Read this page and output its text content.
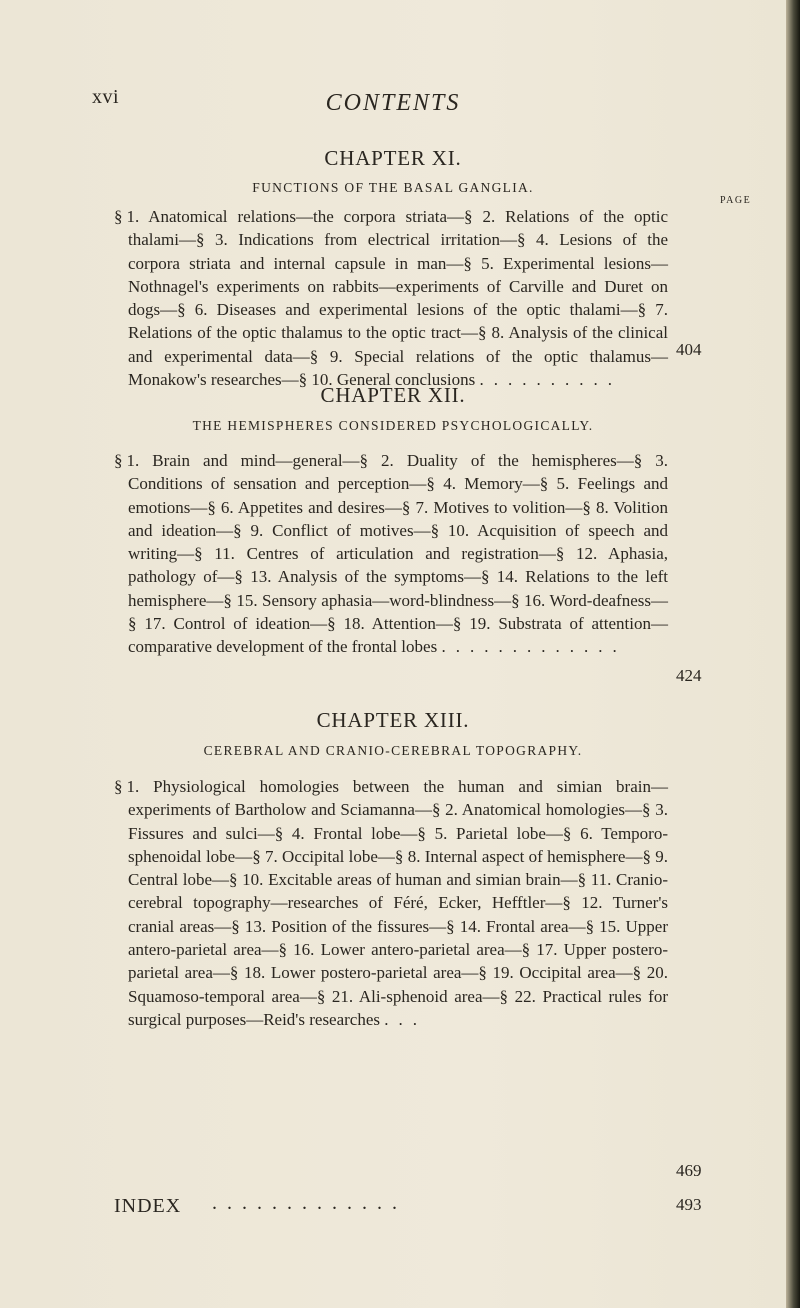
xvi	CONTENTS
CHAPTER XI.
FUNCTIONS OF THE BASAL GANGLIA.
PAGE

§ 1. Anatomical relations—the corpora striata—§ 2. Relations of the optic thalami—§ 3. Indications from electrical irritation—§ 4. Lesions of the corpora striata and internal capsule in man—§ 5. Experimental lesions—Nothnagel's experiments on rabbits—experiments of Carville and Duret on dogs—§ 6. Diseases and experimental lesions of the optic thalami—§ 7. Relations of the optic thalamus to the optic tract—§ 8. Analysis of the clinical and experimental data—§ 9. Special relations of the optic thalamus—Monakow's researches—§ 10. General conclusions ..........

404
CHAPTER XII.
THE HEMISPHERES CONSIDERED PSYCHOLOGICALLY.

§ 1. Brain and mind—general—§ 2. Duality of the hemispheres—§ 3. Conditions of sensation and perception—§ 4. Memory—§ 5. Feelings and emotions—§ 6. Appetites and desires—§ 7. Motives to volition—§ 8. Volition and ideation—§ 9. Conflict of motives—§ 10. Acquisition of speech and writing—§ 11. Centres of articulation and registration—§ 12. Aphasia, pathology of—§ 13. Analysis of the symptoms—§ 14. Relations to the left hemisphere—§ 15. Sensory aphasia—word-blindness—§ 16. Word-deafness—§ 17. Control of ideation—§ 18. Attention—§ 19. Substrata of attention—comparative development of the frontal lobes .............

424
CHAPTER XIII.
CEREBRAL AND CRANIO-CEREBRAL TOPOGRAPHY.

§ 1. Physiological homologies between the human and simian brain—experiments of Bartholow and Sciamanna—§ 2. Anatomical homologies—§ 3. Fissures and sulci—§ 4. Frontal lobe—§ 5. Parietal lobe—§ 6. Temporo-sphenoidal lobe—§ 7. Occipital lobe—§ 8. Internal aspect of hemisphere—§ 9. Central lobe—§ 10. Excitable areas of human and simian brain—§ 11. Cranio-cerebral topography—researches of Féré, Ecker, Hefftler—§ 12. Turner's cranial areas—§ 13. Position of the fissures—§ 14. Frontal area—§ 15. Upper antero-parietal area—§ 16. Lower antero-parietal area—§ 17. Upper postero-parietal area—§ 18. Lower postero-parietal area—§ 19. Occipital area—§ 20. Squamoso-temporal area—§ 21. Ali-sphenoid area—§ 22. Practical rules for surgical purposes—Reid's researches ...

469
INDEX .............	493
